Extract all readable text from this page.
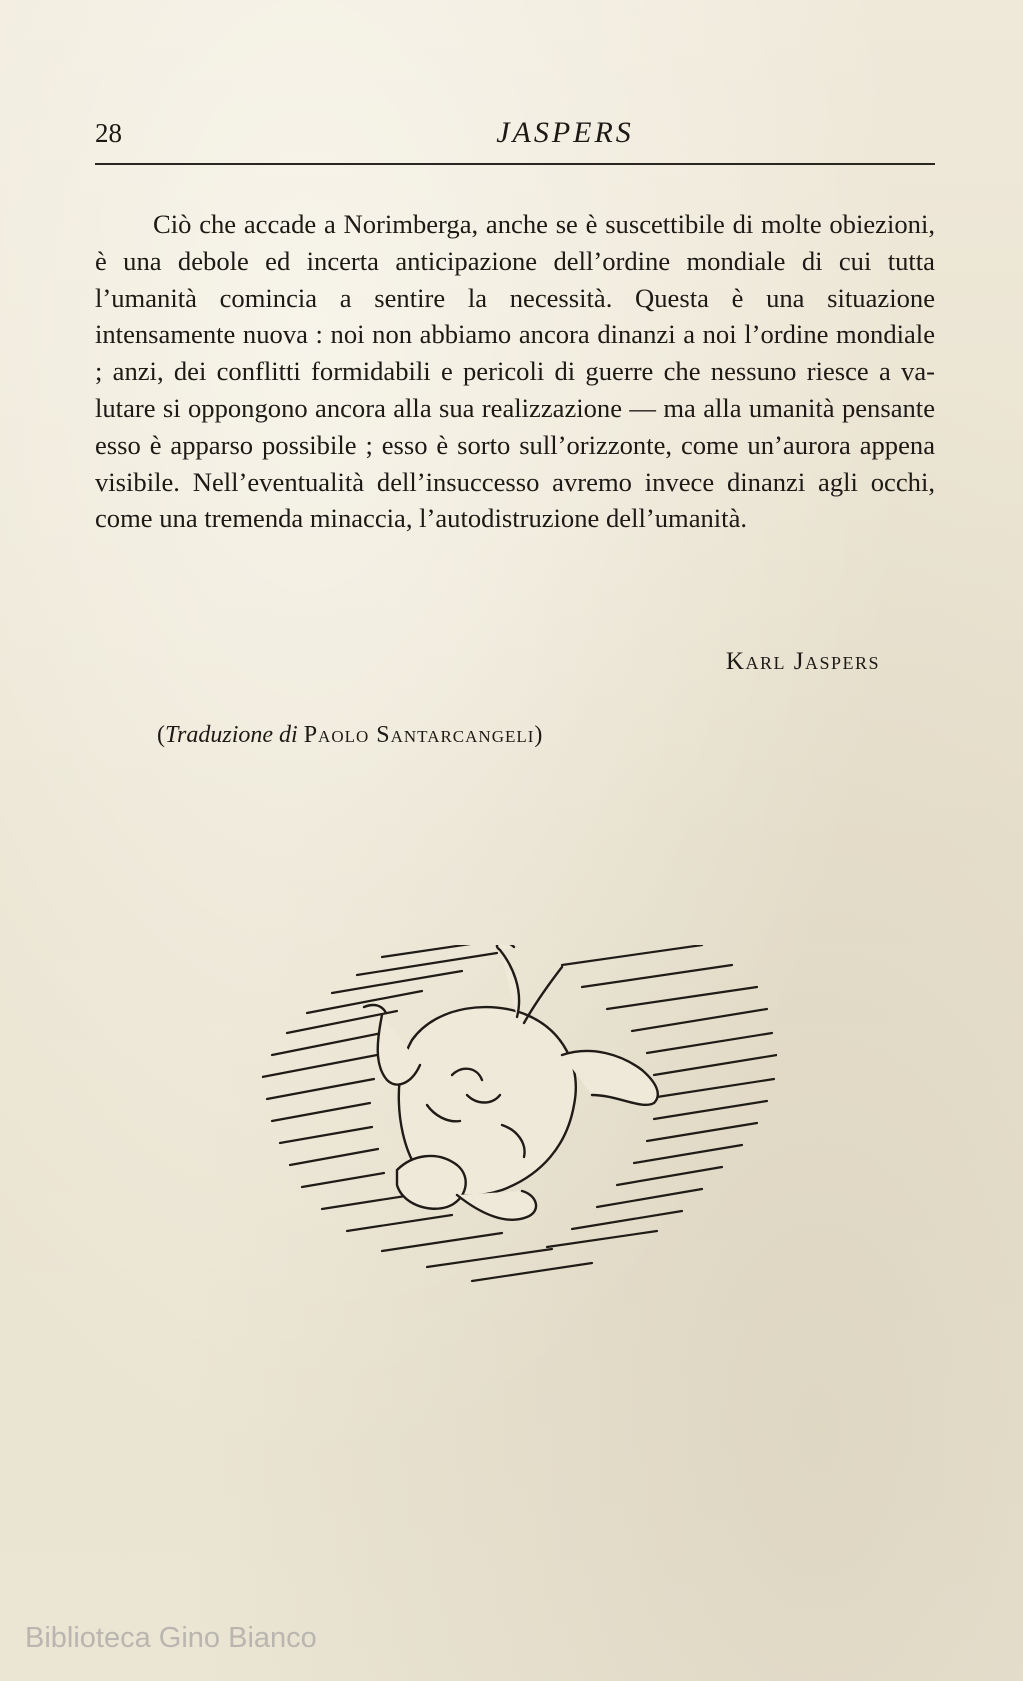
28	JASPERS

Ciò che accade a Norimberga, anche se è suscettibile di molte obiezioni, è una debole ed incerta anticipazione dell’ordine mondiale di cui tutta l’umanità comincia a sentire la necessità. Questa è una situazione intensamente nuova : noi non abbiamo ancora dinanzi a noi l’ordine mondiale ; anzi, dei conflitti formidabili e pericoli di guerre che nessuno riesce a valutare si oppongono ancora alla sua realizzazione — ma alla umanità pensante esso è apparso possibile ; esso è sorto sull’orizzonte, come un’aurora appena visibile. Nell’eventualità dell’insuccesso avremo invece dinanzi agli occhi, come una tremenda minaccia, l’autodistruzione dell’umanità.

Karl Jaspers
(Traduzione di Paolo Santarcangeli)
Biblioteca Gino Bianco
